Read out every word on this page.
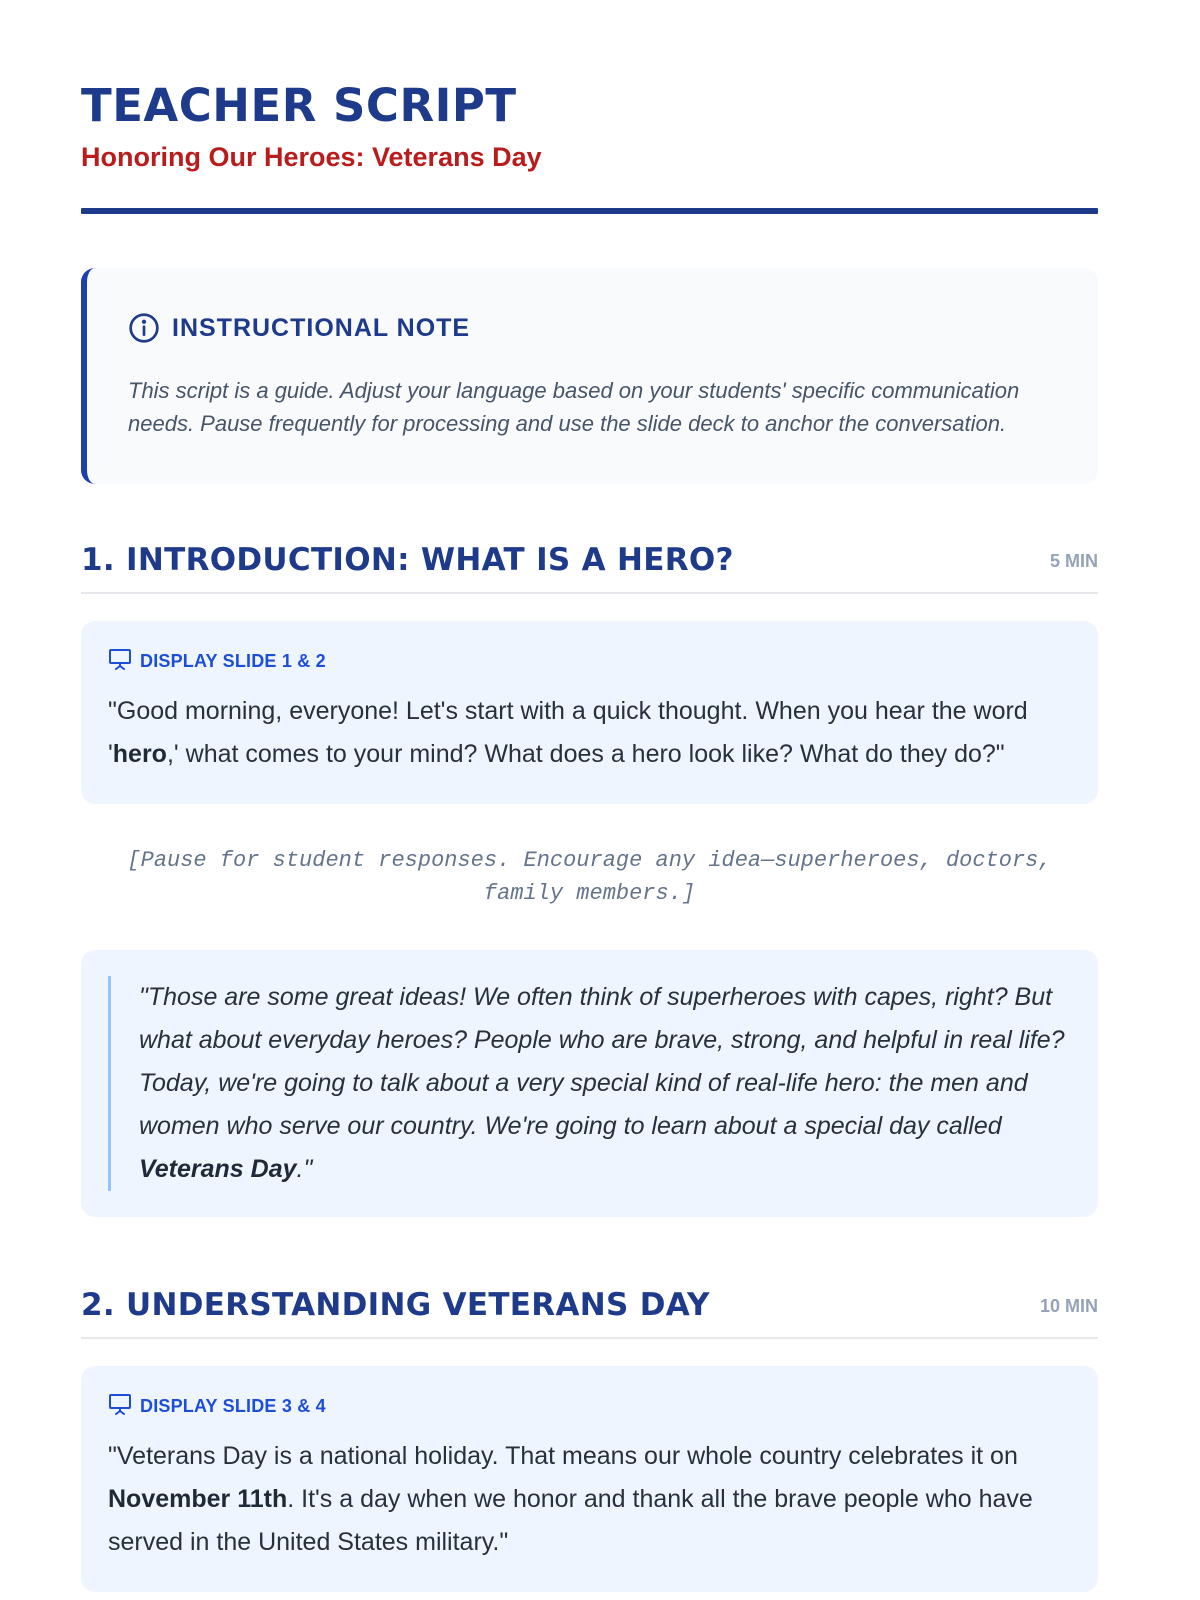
TEACHER SCRIPT
Honoring Our Heroes: Veterans Day
INSTRUCTIONAL NOTE
This script is a guide. Adjust your language based on your students' specific communication needs. Pause frequently for processing and use the slide deck to anchor the conversation.
1. INTRODUCTION: WHAT IS A HERO?	5 MIN
DISPLAY SLIDE 1 & 2
"Good morning, everyone! Let's start with a quick thought. When you hear the word 'hero,' what comes to your mind? What does a hero look like? What do they do?"
[Pause for student responses. Encourage any idea—superheroes, doctors, family members.]
"Those are some great ideas! We often think of superheroes with capes, right? But what about everyday heroes? People who are brave, strong, and helpful in real life? Today, we're going to talk about a very special kind of real-life hero: the men and women who serve our country. We're going to learn about a special day called Veterans Day."
2. UNDERSTANDING VETERANS DAY	10 MIN
DISPLAY SLIDE 3 & 4
"Veterans Day is a national holiday. That means our whole country celebrates it on November 11th. It's a day when we honor and thank all the brave people who have served in the United States military."
